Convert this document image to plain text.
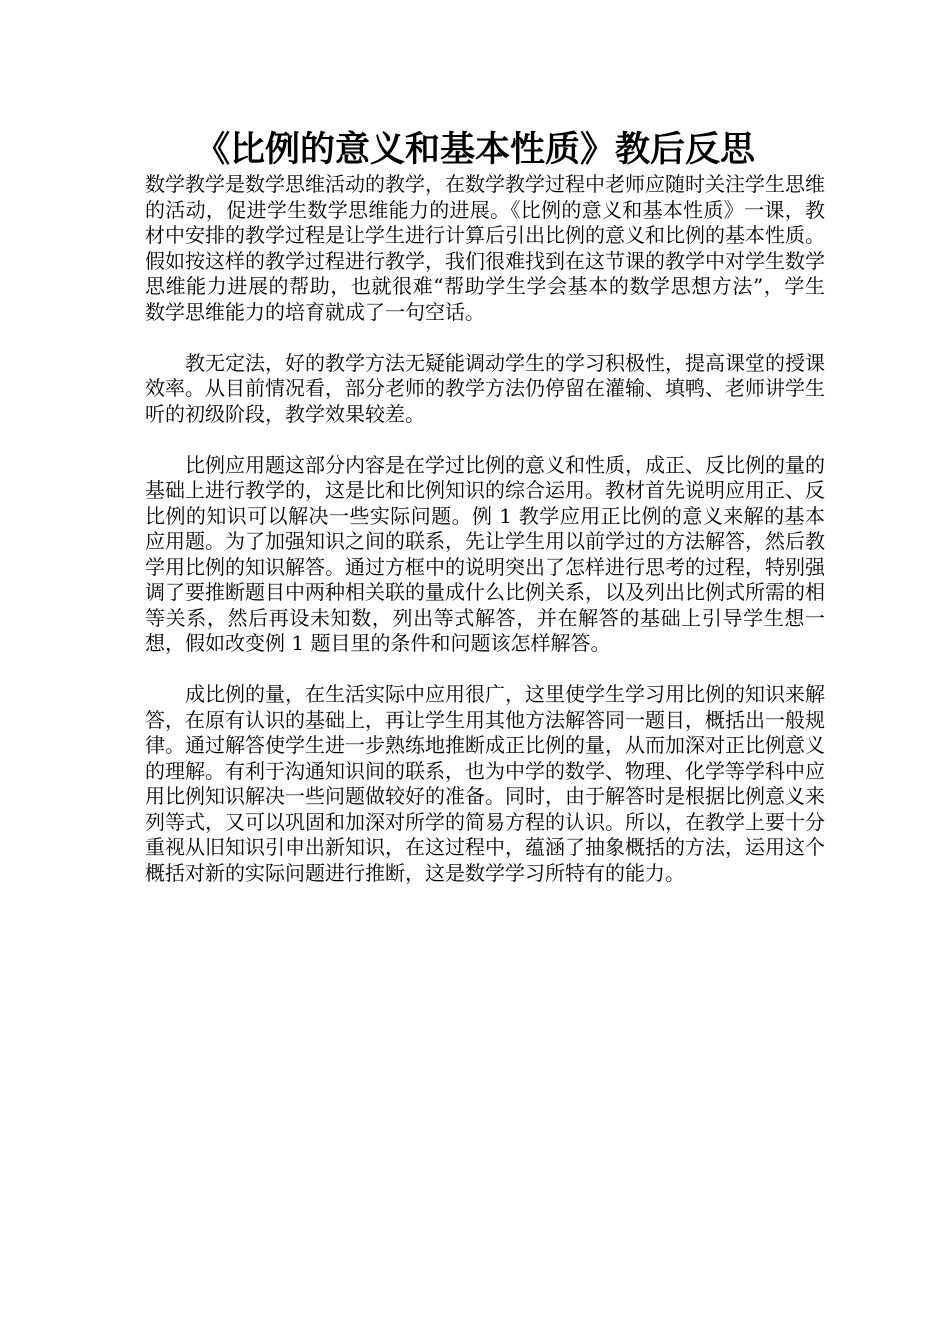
《比例的意义和基本性质》教后反思

数学教学是数学思维活动的教学，在数学教学过程中老师应随时关注学生思维的活动，促进学生数学思维能力的进展。《比例的意义和基本性质》一课，教材中安排的教学过程是让学生进行计算后引出比例的意义和比例的基本性质。假如按这样的教学过程进行教学，我们很难找到在这节课的教学中对学生数学思维能力进展的帮助，也就很难“帮助学生学会基本的数学思想方法”，学生数学思维能力的培育就成了一句空话。

教无定法，好的教学方法无疑能调动学生的学习积极性，提高课堂的授课效率。从目前情况看，部分老师的教学方法仍停留在灌输、填鸭、老师讲学生听的初级阶段，教学效果较差。

比例应用题这部分内容是在学过比例的意义和性质，成正、反比例的量的基础上进行教学的，这是比和比例知识的综合运用。教材首先说明应用正、反比例的知识可以解决一些实际问题。例 1 教学应用正比例的意义来解的基本应用题。为了加强知识之间的联系，先让学生用以前学过的方法解答，然后教学用比例的知识解答。通过方框中的说明突出了怎样进行思考的过程，特别强调了要推断题目中两种相关联的量成什么比例关系，以及列出比例式所需的相等关系，然后再设未知数，列出等式解答，并在解答的基础上引导学生想一想，假如改变例 1 题目里的条件和问题该怎样解答。

成比例的量，在生活实际中应用很广，这里使学生学习用比例的知识来解答，在原有认识的基础上，再让学生用其他方法解答同一题目，概括出一般规律。通过解答使学生进一步熟练地推断成正比例的量，从而加深对正比例意义的理解。有利于沟通知识间的联系，也为中学的数学、物理、化学等学科中应用比例知识解决一些问题做较好的准备。同时，由于解答时是根据比例意义来列等式，又可以巩固和加深对所学的简易方程的认识。所以，在教学上要十分重视从旧知识引申出新知识，在这过程中，蕴涵了抽象概括的方法，运用这个概括对新的实际问题进行推断，这是数学学习所特有的能力。
